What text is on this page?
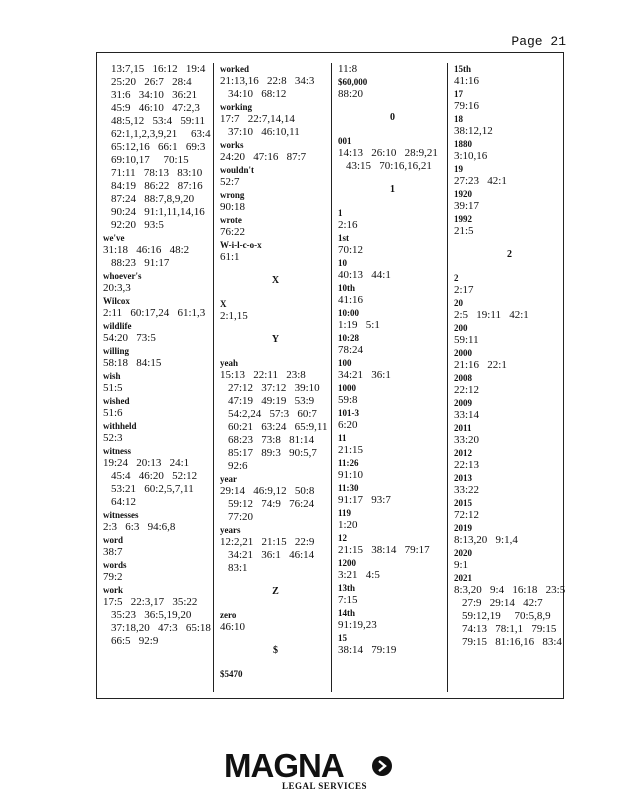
Page 21
13:7,15   16:12   19:4
25:20   26:7   28:4
31:6   34:10   36:21
45:9   46:10   47:2,3
48:5,12   53:4   59:11
62:1,1,2,3,9,21     63:4
65:12,16   66:1   69:3
69:10,17     70:15
71:11   78:13   83:10
84:19   86:22   87:16
87:24   88:7,8,9,20
90:24   91:1,11,14,16
92:20   93:5
we've
31:18   46:16   48:2
88:23   91:17
whoever's
20:3,3
Wilcox
2:11   60:17,24   61:1,3
wildlife
54:20   73:5
willing
58:18   84:15
wish
51:5
wished
51:6
withheld
52:3
witness
19:24   20:13   24:1
45:4   46:20   52:12
53:21   60:2,5,7,11
64:12
witnesses
2:3   6:3   94:6,8
word
38:7
words
79:2
work
17:5   22:3,17   35:22
35:23   36:5,19,20
37:18,20   47:3   65:18
66:5   92:9
worked
21:13,16   22:8   34:3
34:10   68:12
working
17:7   22:7,14,14
37:10   46:10,11
works
24:20   47:16   87:7
wouldn't
52:7
wrong
90:18
wrote
76:22
W-i-l-c-o-x
61:1
X
X
2:1,15
Y
yeah
15:13   22:11   23:8
27:12   37:12   39:10
47:19   49:19   53:9
54:2,24   57:3   60:7
60:21   63:24   65:9,11
68:23   73:8   81:14
85:17   89:3   90:5,7
92:6
year
29:14   46:9,12   50:8
59:12   74:9   76:24
77:20
years
12:2,21   21:15   22:9
34:21   36:1   46:14
83:1
Z
zero
46:10
$
$5470
11:8
$60,000
88:20
0
001
14:13   26:10   28:9,21
43:15   70:16,16,21
1
1
2:16
1st
70:12
10
40:13   44:1
10th
41:16
10:00
1:19   5:1
10:28
78:24
100
34:21   36:1
1000
59:8
101-3
6:20
11
21:15
11:26
91:10
11:30
91:17   93:7
119
1:20
12
21:15   38:14   79:17
1200
3:21   4:5
13th
7:15
14th
91:19,23
15
38:14   79:19
15th
41:16
17
79:16
18
38:12,12
1880
3:10,16
19
27:23   42:1
1920
39:17
1992
21:5
2
2
2:17
20
2:5   19:11   42:1
200
59:11
2000
21:16   22:1
2008
22:12
2009
33:14
2011
33:20
2012
22:13
2013
33:22
2015
72:12
2019
8:13,20   9:1,4
2020
9:1
2021
8:3,20   9:4   16:18   23:5
27:9   29:14   42:7
59:12,19     70:5,8,9
74:13   78:1,1   79:15
79:15   81:16,16   83:4
MAGNA
LEGAL SERVICES
